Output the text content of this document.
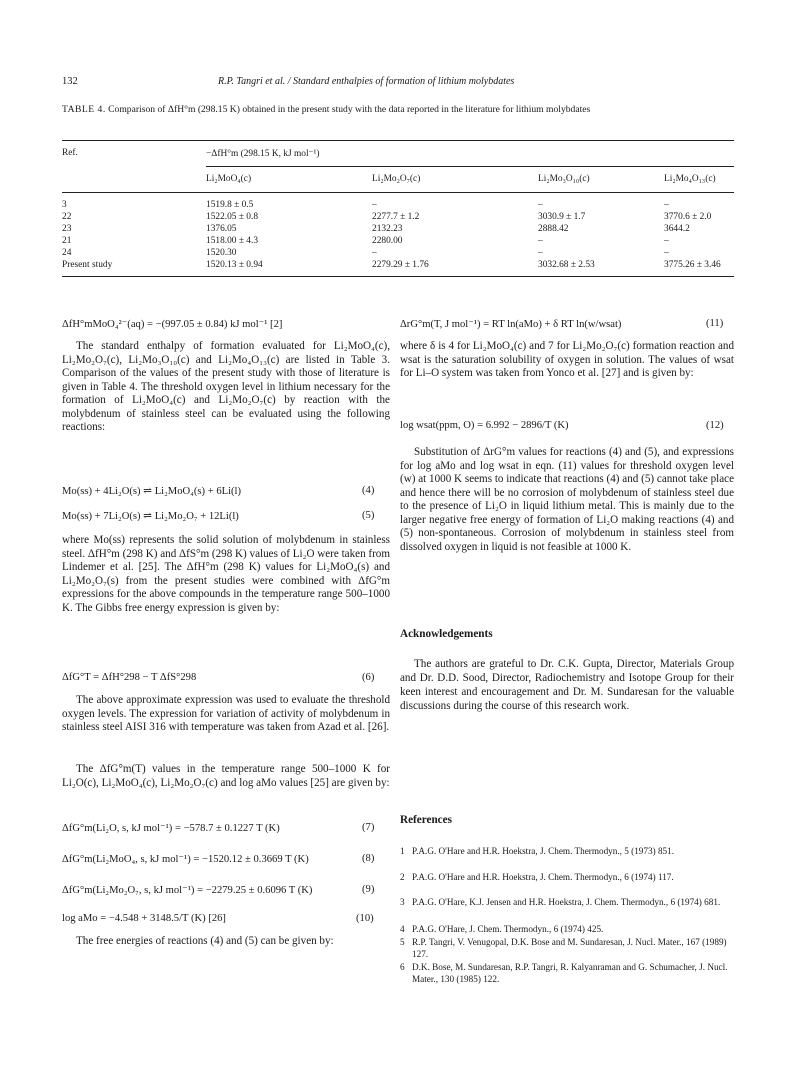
132	R.P. Tangri et al. / Standard enthalpies of formation of lithium molybdates
TABLE 4. Comparison of ΔfH°m (298.15 K) obtained in the present study with the data reported in the literature for lithium molybdates
Ref.	−ΔfH°m (298.15 K, kJ mol⁻¹)
Li₂MoO₄(c)	Li₂Mo₂O₇(c)	Li₂Mo₃O₁₀(c)	Li₂Mo₄O₁₃(c)
3	1519.8 ± 0.5	–	–	–
22	1522.05 ± 0.8	2277.7 ± 1.2	3030.9 ± 1.7	3770.6 ± 2.0
23	1376.05	2132.23	2888.42	3644.2
21	1518.00 ± 4.3	2280.00	–	–
24	1520.30	–	–	–
Present study	1520.13 ± 0.94	2279.29 ± 1.76	3032.68 ± 2.53	3775.26 ± 3.46
ΔfH°mMoO₄²⁻(aq) = −(997.05 ± 0.84) kJ mol⁻¹ [2]

The standard enthalpy of formation evaluated for Li₂MoO₄(c), Li₂Mo₂O₇(c), Li₂Mo₃O₁₀(c) and Li₂Mo₄O₁₃(c) are listed in Table 3. Comparison of the values of the present study with those of literature is given in Table 4. The threshold oxygen level in lithium necessary for the formation of Li₂MoO₄(c) and Li₂Mo₂O₇(c) by reaction with the molybdenum of stainless steel can be evaluated using the following reactions:

Mo(ss) + 4Li₂O(s) ⇌ Li₂MoO₄(s) + 6Li(l)	(4)
Mo(ss) + 7Li₂O(s) ⇌ Li₂Mo₂O₇ + 12Li(l)	(5)

where Mo(ss) represents the solid solution of molybdenum in stainless steel. ΔfH°m (298 K) and ΔfS°m (298 K) values of Li₂O were taken from Lindemer et al. [25]. The ΔfH°m (298 K) values for Li₂MoO₄(s) and Li₂Mo₂O₇(s) from the present studies were combined with ΔfG°m expressions for the above compounds in the temperature range 500–1000 K. The Gibbs free energy expression is given by:

ΔfG°T = ΔfH°298 − T ΔfS°298	(6)

The above approximate expression was used to evaluate the threshold oxygen levels. The expression for variation of activity of molybdenum in stainless steel AISI 316 with temperature was taken from Azad et al. [26].

The ΔfG°m(T) values in the temperature range 500–1000 K for Li₂O(c), Li₂MoO₄(c), Li₂Mo₂O₇(c) and log aMo values [25] are given by:

ΔfG°m(Li₂O, s, kJ mol⁻¹) = −578.7 ± 0.1227 T (K)	(7)
ΔfG°m(Li₂MoO₄, s, kJ mol⁻¹) = −1520.12 ± 0.3669 T (K)	(8)
ΔfG°m(Li₂Mo₂O₇, s, kJ mol⁻¹) = −2279.25 ± 0.6096 T (K)	(9)
log aMo = −4.548 + 3148.5/T (K) [26]	(10)

The free energies of reactions (4) and (5) can be given by:

ΔrG°m(T, J mol⁻¹) = RT ln(aMo) + δ RT ln(w/wsat)	(11)

where δ is 4 for Li₂MoO₄(c) and 7 for Li₂Mo₂O₇(c) formation reaction and wsat is the saturation solubility of oxygen in solution. The values of wsat for Li–O system was taken from Yonco et al. [27] and is given by:

log wsat(ppm, O) = 6.992 − 2896/T (K)	(12)

Substitution of ΔrG°m values for reactions (4) and (5), and expressions for log aMo and log wsat in eqn. (11) values for threshold oxygen level (w) at 1000 K seems to indicate that reactions (4) and (5) cannot take place and hence there will be no corrosion of molybdenum of stainless steel due to the presence of Li₂O in liquid lithium metal. This is mainly due to the larger negative free energy of formation of Li₂O making reactions (4) and (5) non-spontaneous. Corrosion of molybdenum in stainless steel from dissolved oxygen in liquid is not feasible at 1000 K.

Acknowledgements

The authors are grateful to Dr. C.K. Gupta, Director, Materials Group and Dr. D.D. Sood, Director, Radiochemistry and Isotope Group for their keen interest and encouragement and Dr. M. Sundaresan for the valuable discussions during the course of this research work.

References
1 P.A.G. O'Hare and H.R. Hoekstra, J. Chem. Thermodyn., 5 (1973) 851.
2 P.A.G. O'Hare and H.R. Hoekstra, J. Chem. Thermodyn., 6 (1974) 117.
3 P.A.G. O'Hare, K.J. Jensen and H.R. Hoekstra, J. Chem. Thermodyn., 6 (1974) 681.
4 P.A.G. O'Hare, J. Chem. Thermodyn., 6 (1974) 425.
5 R.P. Tangri, V. Venugopal, D.K. Bose and M. Sundaresan, J. Nucl. Mater., 167 (1989) 127.
6 D.K. Bose, M. Sundaresan, R.P. Tangri, R. Kalyanraman and G. Schumacher, J. Nucl. Mater., 130 (1985) 122.
